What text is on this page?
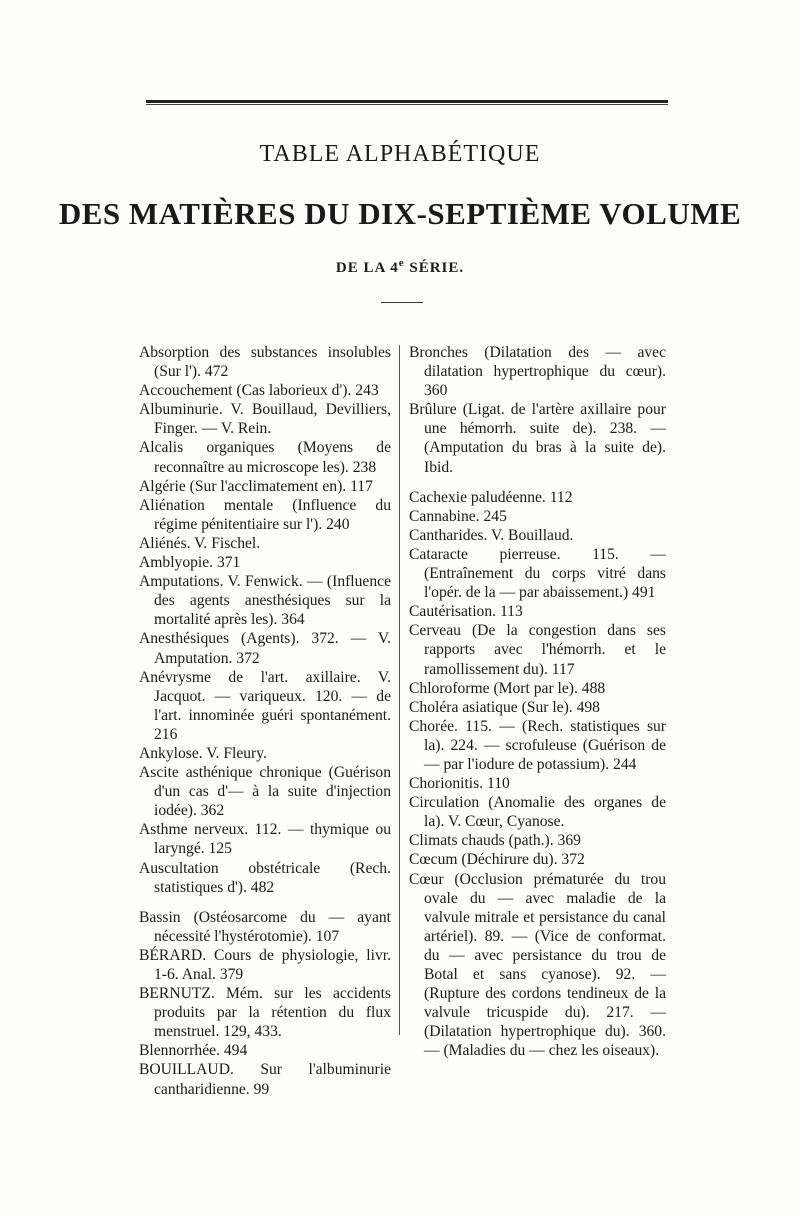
TABLE ALPHABÉTIQUE
DES MATIÈRES DU DIX-SEPTIÈME VOLUME
DE LA 4e SÉRIE.
Absorption des substances insolubles (Sur l'). 472
Accouchement (Cas laborieux d'). 243
Albuminurie. V. Bouillaud, Devilliers, Finger. — V. Rein.
Alcalis organiques (Moyens de reconnaître au microscope les). 238
Algérie (Sur l'acclimatement en). 117
Aliénation mentale (Influence du régime pénitentiaire sur l'). 240
Aliénés. V. Fischel.
Amblyopie. 371
Amputations. V. Fenwick. — (Influence des agents anesthésiques sur la mortalité après les). 364
Anesthésiques (Agents). 372. — V. Amputation. 372
Anévrysme de l'art. axillaire. V. Jacquot. — variqueux. 120. — de l'art. innominée guéri spontanément. 216
Ankylose. V. Fleury.
Ascite asthénique chronique (Guérison d'un cas d'— à la suite d'injection iodée). 362
Asthme nerveux. 112. — thymique ou laryngé. 125
Auscultation obstétricale (Rech. statistiques d'). 482
Bassin (Ostéosarcome du — ayant nécessité l'hystérotomie). 107
BÉRARD. Cours de physiologie, livr. 1-6. Anal. 379
BERNUTZ. Mém. sur les accidents produits par la rétention du flux menstruel. 129, 433.
Blennorrhée. 494
BOUILLAUD. Sur l'albuminurie cantharidienne. 99
Bronches (Dilatation des — avec dilatation hypertrophique du cœur). 360
Brûlure (Ligat. de l'artère axillaire pour une hémorrh. suite de). 238. — (Amputation du bras à la suite de). Ibid.
Cachexie paludéenne. 112
Cannabine. 245
Cantharides. V. Bouillaud.
Cataracte pierreuse. 115. — (Entraînement du corps vitré dans l'opér. de la — par abaissement.) 491
Cautérisation. 113
Cerveau (De la congestion dans ses rapports avec l'hémorrh. et le ramollissement du). 117
Chloroforme (Mort par le). 488
Choléra asiatique (Sur le). 498
Chorée. 115. — (Rech. statistiques sur la). 224. — scrofuleuse (Guérison de — par l'iodure de potassium). 244
Chorionitis. 110
Circulation (Anomalie des organes de la). V. Cœur, Cyanose.
Climats chauds (path.). 369
Cœcum (Déchirure du). 372
Cœur (Occlusion prématurée du trou ovale du — avec maladie de la valvule mitrale et persistance du canal artériel). 89. — (Vice de conformat. du — avec persistance du trou de Botal et sans cyanose). 92. — (Rupture des cordons tendineux de la valvule tricuspide du). 217. — (Dilatation hypertrophique du). 360. — (Maladies du — chez les oiseaux).
